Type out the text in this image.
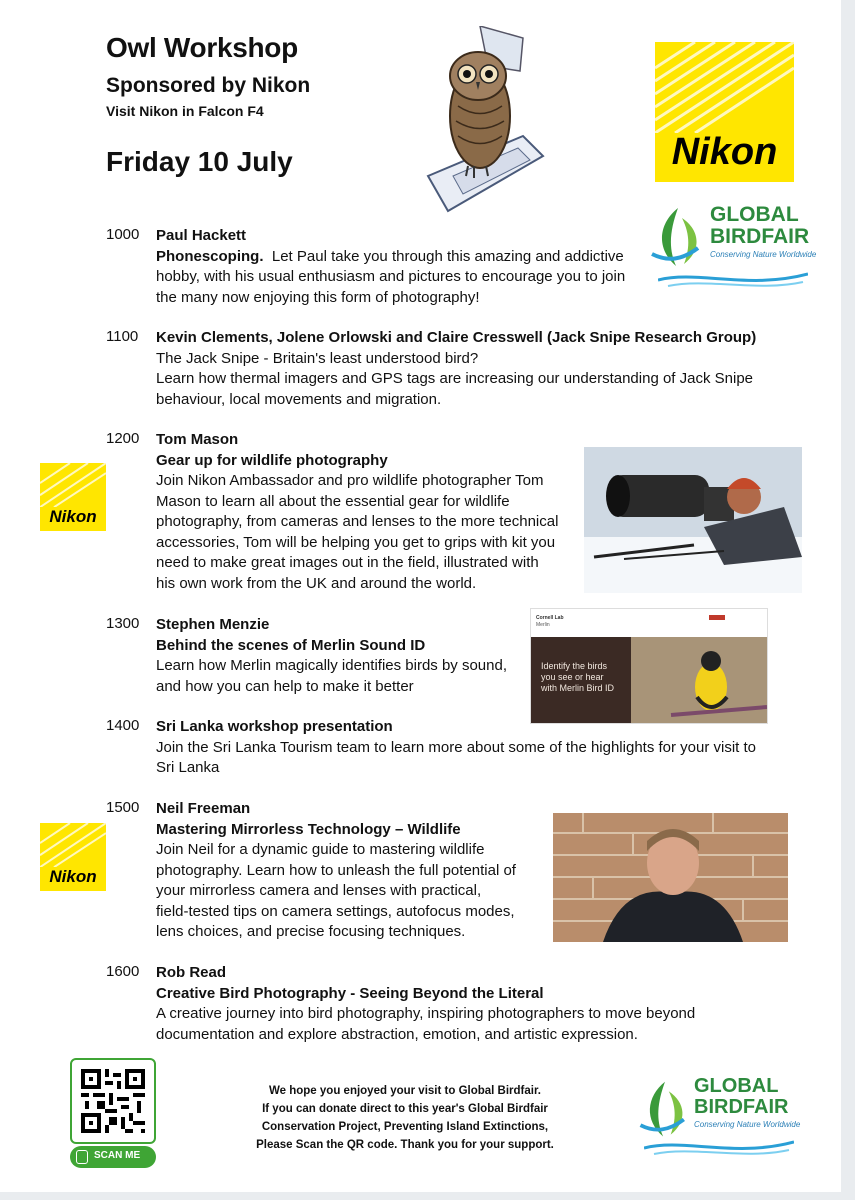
Owl Workshop
Sponsored by Nikon
Visit Nikon in Falcon F4
Friday 10 July	Nikon
GLOBAL
BIRDFAIR
Conserving Nature Worldwide
1000 Paul Hackett
Phonescoping. Let Paul take you through this amazing and addictive
hobby, with his usual enthusiasm and pictures to encourage you to join
the many now enjoying this form of photography!
1100 Kevin Clements, Jolene Orlowski and Claire Cresswell (Jack Snipe Research Group)
The Jack Snipe - Britain's least understood bird?
Learn how thermal imagers and GPS tags are increasing our understanding of Jack Snipe
behaviour, local movements and migration.
1200 Tom Mason
Gear up for wildlife photography
Join Nikon Ambassador and pro wildlife photographer Tom
Mason to learn all about the essential gear for wildlife
photography, from cameras and lenses to the more technical
accessories, Tom will be helping you get to grips with kit you
need to make great images out in the field, illustrated with
his own work from the UK and around the world.
Nikon
1300 Stephen Menzie
Behind the scenes of Merlin Sound ID
Learn how Merlin magically identifies birds by sound,
and how you can help to make it better
Cornell Lab
Merlin
Identify the birds
you see or hear
with Merlin Bird ID
1400 Sri Lanka workshop presentation
Join the Sri Lanka Tourism team to learn more about some of the highlights for your visit to
Sri Lanka
1500 Neil Freeman
Mastering Mirrorless Technology – Wildlife
Join Neil for a dynamic guide to mastering wildlife
photography. Learn how to unleash the full potential of
your mirrorless camera and lenses with practical,
field-tested tips on camera settings, autofocus modes,
lens choices, and precise focusing techniques.
Nikon
1600 Rob Read
Creative Bird Photography - Seeing Beyond the Literal
A creative journey into bird photography, inspiring photographers to move beyond
documentation and explore abstraction, emotion, and artistic expression.
SCAN ME
We hope you enjoyed your visit to Global Birdfair.
If you can donate direct to this year's Global Birdfair
Conservation Project, Preventing Island Extinctions,
Please Scan the QR code. Thank you for your support.
GLOBAL
BIRDFAIR
Conserving Nature Worldwide
